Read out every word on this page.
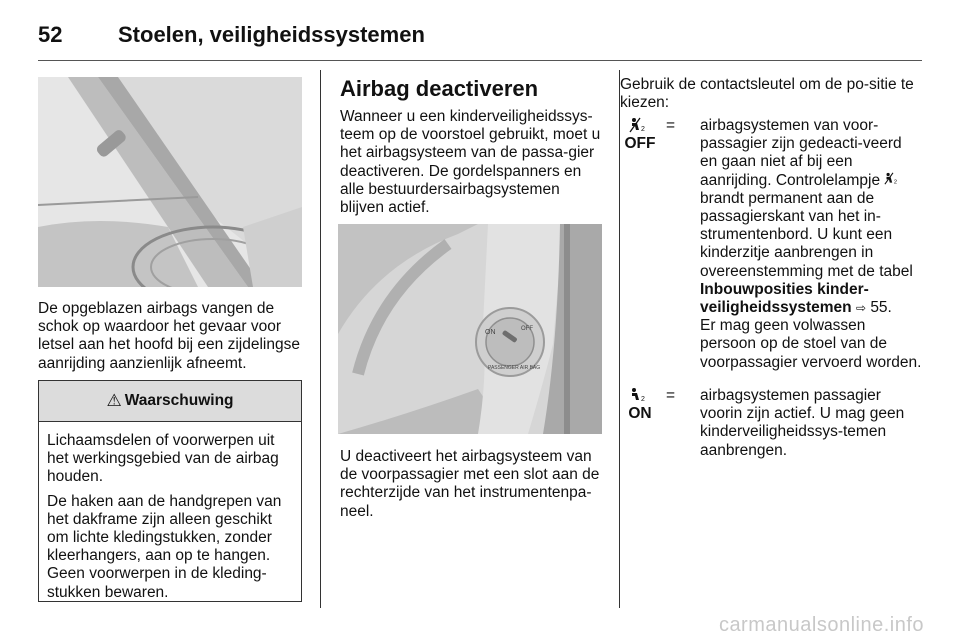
52	Stoelen, veiligheidssystemen

De opgeblazen airbags vangen de schok op waardoor het gevaar voor letsel aan het hoofd bij een zijdelingse aanrijding aanzienlijk afneemt.

⚠ Waarschuwing

Lichaamsdelen of voorwerpen uit het werkingsgebied van de airbag houden.

De haken aan de handgrepen van het dakframe zijn alleen geschikt om lichte kledingstukken, zonder kleerhangers, aan op te hangen. Geen voorwerpen in de kleding-stukken bewaren.

Airbag deactiveren

Wanneer u een kinderveiligheidssys-teem op de voorstoel gebruikt, moet u het airbagsysteem van de passa-gier deactiveren. De gordelspanners en alle bestuurdersairbagsystemen blijven actief.

ON	OFF
PASSENGER AIR BAG

U deactiveert het airbagsysteem van de voorpassagier met een slot aan de rechterzijde van het instrumentenpa-neel.

Gebruik de contactsleutel om de po-sitie te kiezen:

2
OFF
= airbagsystemen van voor-passagier zijn gedeacti-veerd en gaan niet af bij een aanrijding. Controlelampje 2
brandt permanent aan de passagierskant van het in-strumentenbord. U kunt een kinderzitje aanbrengen in overeenstemming met de tabel Inbouwposities kinder-veiligheidssystemen ⇨ 55.
Er mag geen volwassen persoon op de stoel van de voorpassagier vervoerd worden.
2
ON
= airbagsystemen passagier voorin zijn actief. U mag geen kinderveiligheidssys-temen aanbrengen.
carmanualsonline.info
